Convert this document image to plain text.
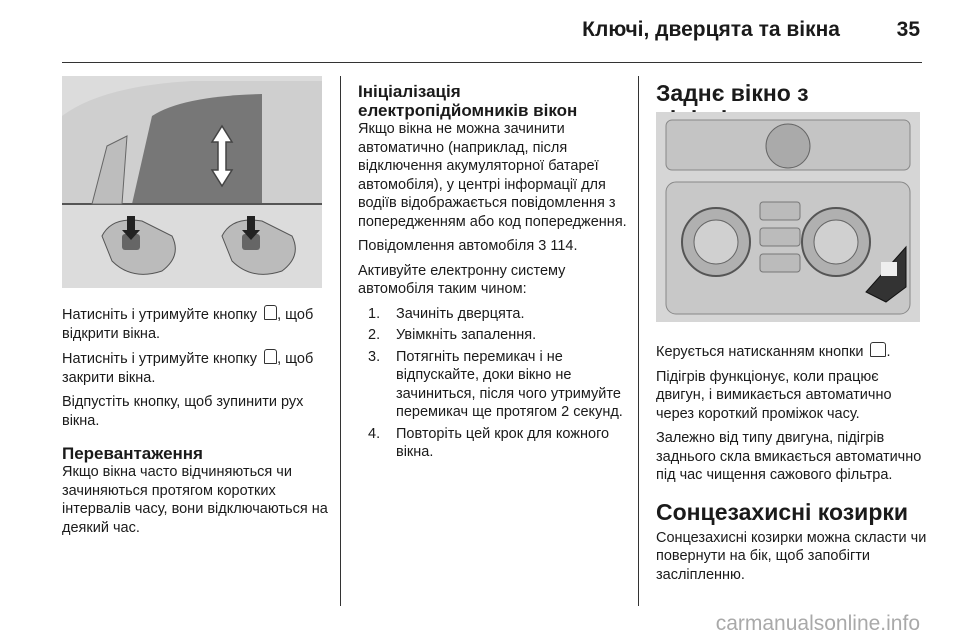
Ключі, дверцята та вікна	35

Натисніть і утримуйте кнопку , щоб відкрити вікна.

Натисніть і утримуйте кнопку , щоб закрити вікна.

Відпустіть кнопку, щоб зупинити рух вікна.

Перевантаження

Якщо вікна часто відчиняються чи зачиняються протягом коротких інтервалів часу, вони відключаються на деякий час.

Ініціалізація електропідйомників вікон

Якщо вікна не можна зачинити автоматично (наприклад, після відключення акумуляторної батареї автомобіля), у центрі інформації для водіїв відображається повідомлення з попередженням або код попередження.

Повідомлення автомобіля 3 114.

Активуйте електронну систему автомобіля таким чином:

1. Зачиніть дверцята.
2. Увімкніть запалення.
3. Потягніть перемикач і не відпускайте, доки вікно не зачиниться, після чого утримуйте перемикач ще протягом 2 секунд.
4. Повторіть цей крок для кожного вікна.
Заднє вікно з

Керується натисканням кнопки .

Підігрів функціонує, коли працює двигун, і вимикається автоматично через короткий проміжок часу.

Залежно від типу двигуна, підігрів заднього скла вмикається автоматично під час чищення сажового фільтра.

Сонцезахисні козирки

Сонцезахисні козирки можна скласти чи повернути на бік, щоб запобігти засліпленню.

carmanualsonline.info
